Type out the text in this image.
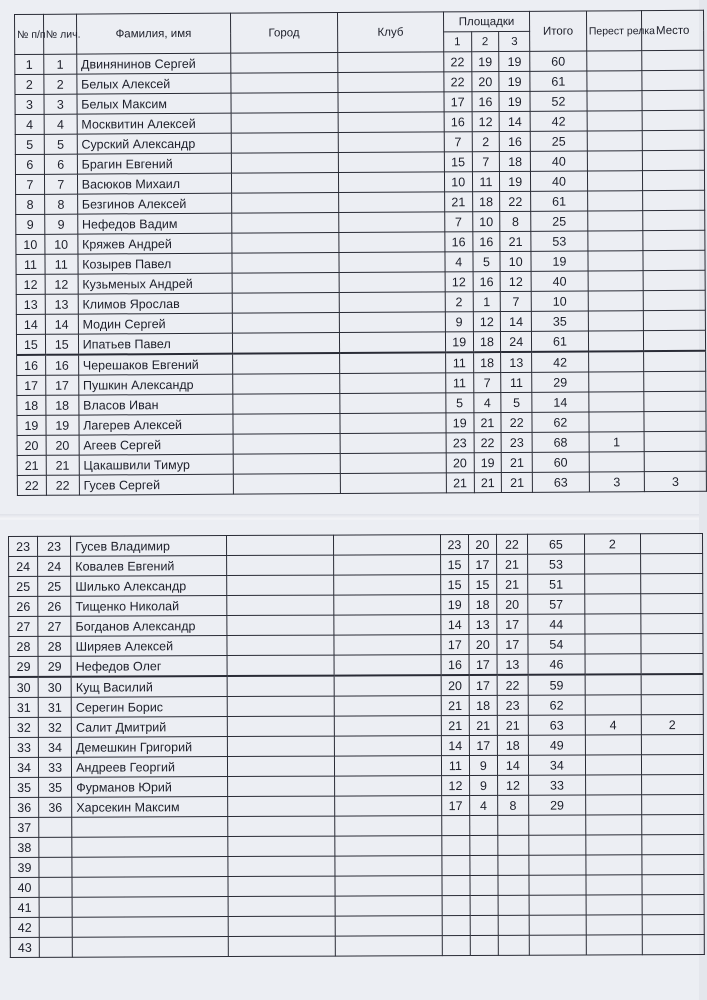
№ п/п	№ лич.	Фамилия, имя	Город	Клуб	Площадки			Итого	Перест релка	Место
					1	2	3			
1	1	Двинянинов Сергей			22	19	19	60		
2	2	Белых Алексей			22	20	19	61		
3	3	Белых Максим			17	16	19	52		
4	4	Москвитин Алексей			16	12	14	42		
5	5	Сурский Александр			7	2	16	25		
6	6	Брагин Евгений			15	7	18	40		
7	7	Васюков Михаил			10	11	19	40		
8	8	Безгинов Алексей			21	18	22	61		
9	9	Нефедов Вадим			7	10	8	25		
10	10	Кряжев Андрей			16	16	21	53		
11	11	Козырев Павел			4	5	10	19		
12	12	Кузьменых Андрей			12	16	12	40		
13	13	Климов Ярослав			2	1	7	10		
14	14	Модин Сергей			9	12	14	35		
15	15	Ипатьев Павел			19	18	24	61		
16	16	Черешаков Евгений			11	18	13	42		
17	17	Пушкин Александр			11	7	11	29		
18	18	Власов Иван			5	4	5	14		
19	19	Лагерев Алексей			19	21	22	62		
20	20	Агеев Сергей			23	22	23	68	1	
21	21	Цакашвили Тимур			20	19	21	60		
22	22	Гусев Сергей			21	21	21	63	3	3
23	23	Гусев Владимир			23	20	22	65	2	
24	24	Ковалев Евгений			15	17	21	53		
25	25	Шилько Александр			15	15	21	51		
26	26	Тищенко Николай			19	18	20	57		
27	27	Богданов Александр			14	13	17	44		
28	28	Ширяев Алексей			17	20	17	54		
29	29	Нефедов Олег			16	17	13	46		
30	30	Кущ Василий			20	17	22	59		
31	31	Серегин Борис			21	18	23	62		
32	32	Салит Дмитрий			21	21	21	63	4	2
33	34	Демешкин Григорий			14	17	18	49		
34	33	Андреев Георгий			11	9	14	34		
35	35	Фурманов Юрий			12	9	12	33		
36	36	Харсекин Максим			17	4	8	29		
37										
38										
39										
40										
41										
42										
43										
